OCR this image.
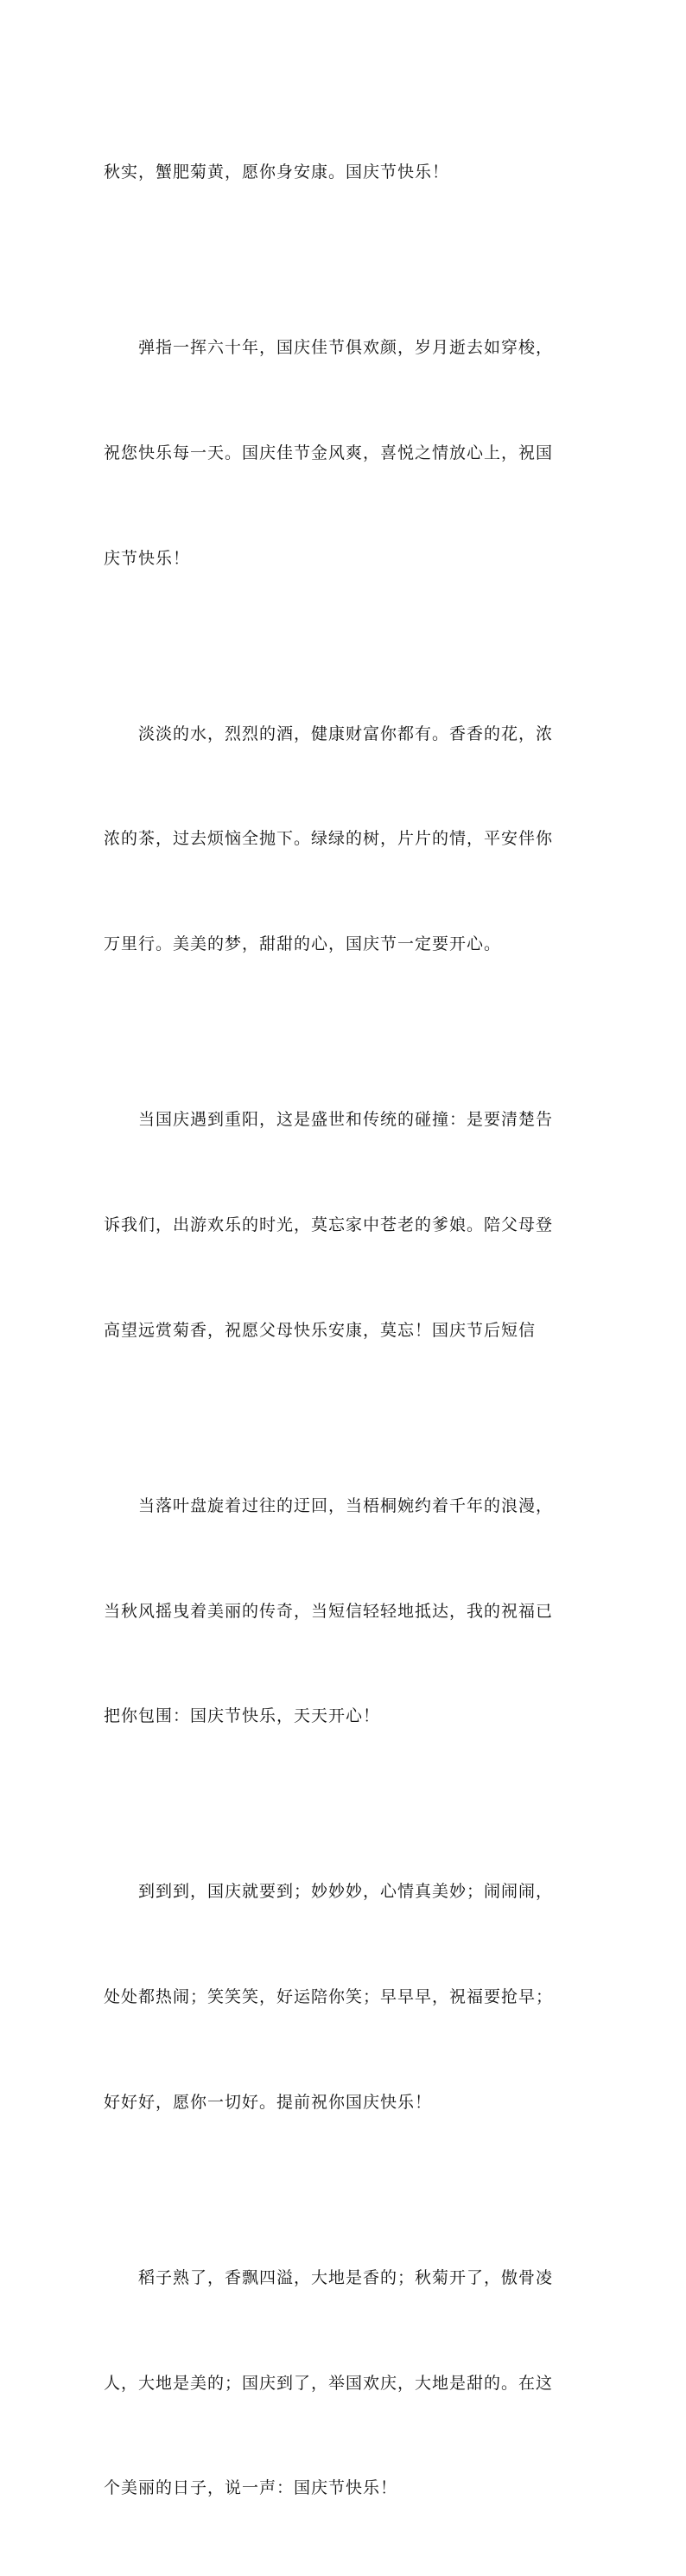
秋实，蟹肥菊黄，愿你身安康。国庆节快乐！

弹指一挥六十年，国庆佳节俱欢颜，岁月逝去如穿梭，

祝您快乐每一天。国庆佳节金风爽，喜悦之情放心上，祝国

庆节快乐！

淡淡的水，烈烈的酒，健康财富你都有。香香的花，浓

浓的茶，过去烦恼全抛下。绿绿的树，片片的情，平安伴你

万里行。美美的梦，甜甜的心，国庆节一定要开心。

当国庆遇到重阳，这是盛世和传统的碰撞：是要清楚告

诉我们，出游欢乐的时光，莫忘家中苍老的爹娘。陪父母登

高望远赏菊香，祝愿父母快乐安康，莫忘！国庆节后短信

当落叶盘旋着过往的迂回，当梧桐婉约着千年的浪漫，

当秋风摇曳着美丽的传奇，当短信轻轻地抵达，我的祝福已

把你包围：国庆节快乐，天天开心！

到到到，国庆就要到；妙妙妙，心情真美妙；闹闹闹，

处处都热闹；笑笑笑，好运陪你笑；早早早，祝福要抢早；

好好好，愿你一切好。提前祝你国庆快乐！

稻子熟了，香飘四溢，大地是香的；秋菊开了，傲骨凌

人，大地是美的；国庆到了，举国欢庆，大地是甜的。在这

个美丽的日子，说一声：国庆节快乐！
